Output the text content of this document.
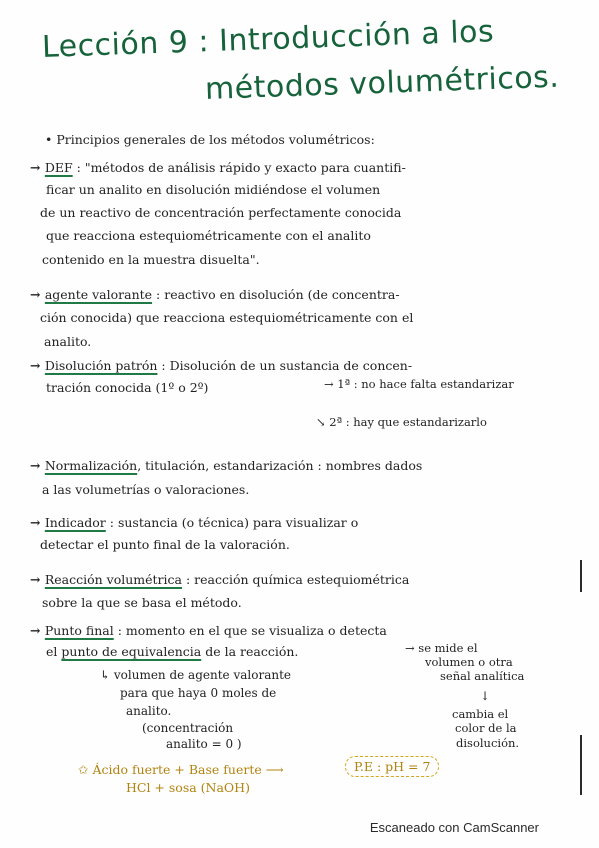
Lección 9 : Introducción a los
métodos volumétricos.
• Principios generales de los métodos volumétricos:
→ DEF : "métodos de análisis rápido y exacto para cuantifi-
ficar un analito en disolución midiéndose el volumen
de un reactivo de concentración perfectamente conocida
que reacciona estequiométricamente con el analito
contenido en la muestra disuelta".
→ agente valorante : reactivo en disolución (de concentra-
ción conocida) que reacciona estequiométricamente con el
analito.
→ Disolución patrón : Disolución de un sustancia de concen-
tración conocida (1º o 2º)	→ 1ª : no hace falta estandarizar
↘ 2ª : hay que estandarizarlo
→ Normalización, titulación, estandarización : nombres dados
a las volumetrías o valoraciones.
→ Indicador : sustancia (o técnica) para visualizar o
detectar el punto final de la valoración.
→ Reacción volumétrica : reacción química estequiométrica
sobre la que se basa el método.
→ Punto final : momento en el que se visualiza o detecta
el punto de equivalencia de la reacción.	→ se mide el
volumen o otra
señal analítica
↳ volumen de agente valorante
para que haya 0 moles de
analito.
(concentración
analito = 0 )
↓
cambia el
color de la
disolución.
✩ Ácido fuerte + Base fuerte ⟶
HCl + sosa (NaOH)
P.E : pH = 7
Escaneado con CamScanner
